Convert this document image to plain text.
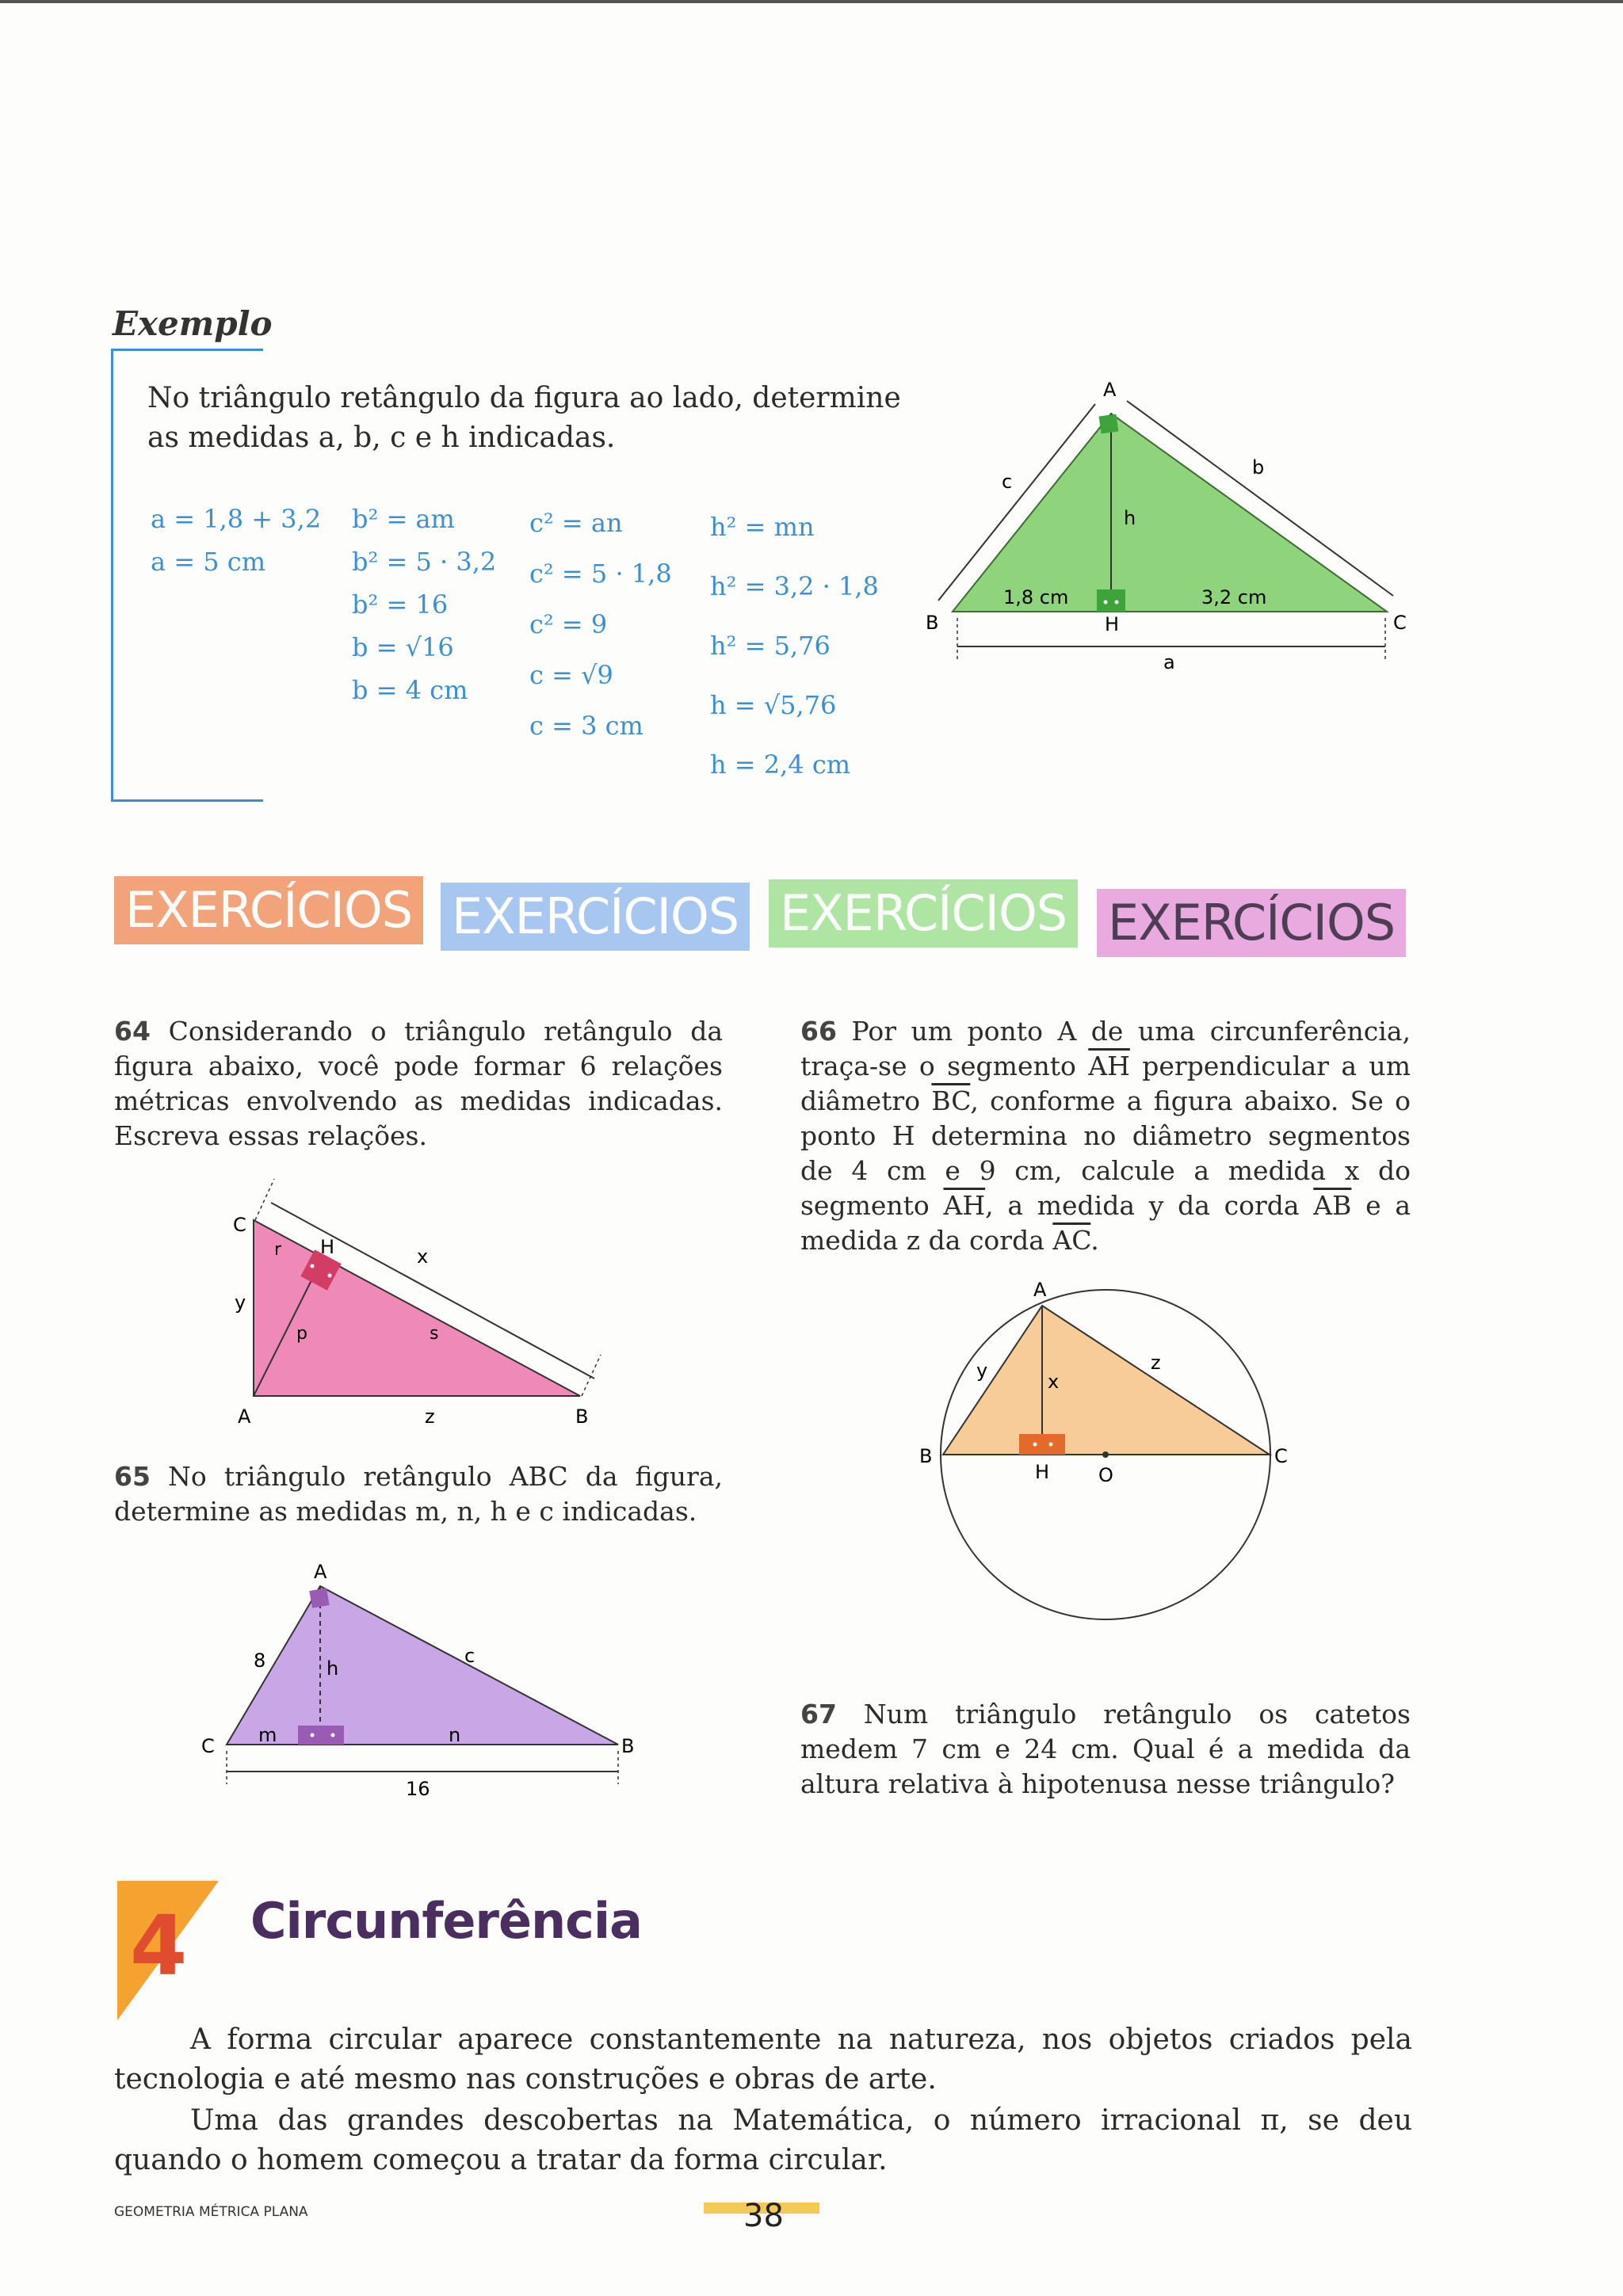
Exemplo
No triângulo retângulo da figura ao lado, determine as medidas a, b, c e h indicadas.
a = 1,8 + 3,2
a = 5 cm
b² = am
b² = 5 · 3,2
b² = 16
b = √16
b = 4 cm
c² = an
c² = 5 · 1,8
c² = 9
c = √9
c = 3 cm
h² = mn
h² = 3,2 · 1,8
h² = 5,76
h = √5,76
h = 2,4 cm
A
B	C
H
h
c
b
a
1,8 cm	3,2 cm
EXERCÍCIOS EXERCÍCIOS EXERCÍCIOS EXERCÍCIOS
64 Considerando o triângulo retângulo da figura abaixo, você pode formar 6 relações métricas envolvendo as medidas indicadas. Escreva essas relações.
C
A	B
H	x
y
z
r
s
p
65 No triângulo retângulo ABC da figura, determine as medidas m, n, h e c indicadas.
A
C	B
8	h
c
m	n
16
66 Por um ponto A de uma circunferência, traça-se o segmento $\overline{AH}$ perpendicular a um diâmetro $\overline{BC}$, conforme a figura abaixo. Se o ponto H determina no diâmetro segmentos de 4 cm e 9 cm, calcule a medida x do segmento $\overline{AH}$, a medida y da corda $\overline{AB}$ e a medida z da corda $\overline{AC}$.
A
B	C
H	O
x
y	z
67 Num triângulo retângulo os catetos medem 7 cm e 24 cm. Qual é a medida da altura relativa à hipotenusa nesse triângulo?
4 Circunferência
A forma circular aparece constantemente na natureza, nos objetos criados pela tecnologia e até mesmo nas construções e obras de arte.
Uma das grandes descobertas na Matemática, o número irracional π, se deu quando o homem começou a tratar da forma circular.
GEOMETRIA MÉTRICA PLANA	38
